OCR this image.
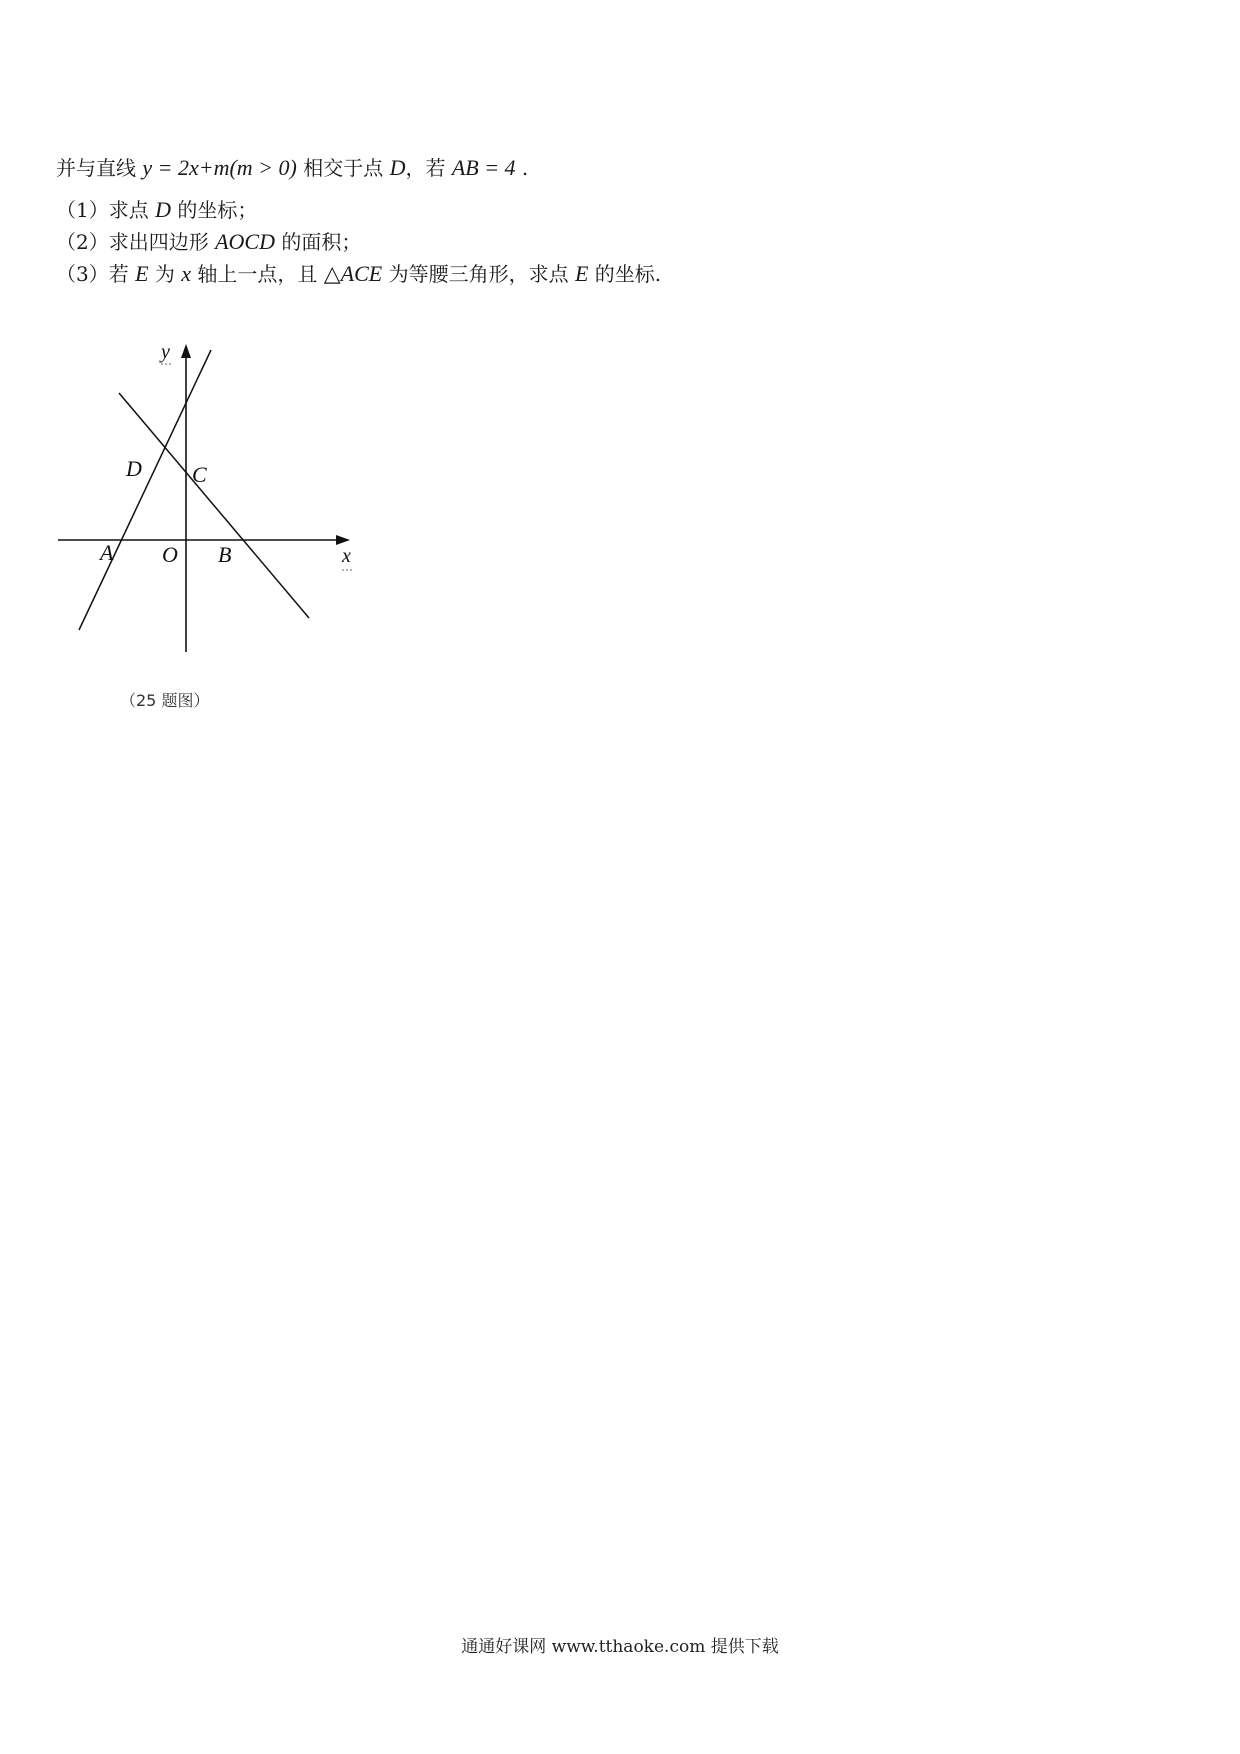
并与直线 y = 2x+m(m > 0) 相交于点 D，若 AB = 4 .
（1）求点 D 的坐标；
（2）求出四边形 AOCD 的面积；
（3）若 E 为 x 轴上一点，且 △ACE 为等腰三角形，求点 E 的坐标.
y
x
A O B
C
D
（25 题图）
通通好课网 www.tthaoke.com 提供下载
